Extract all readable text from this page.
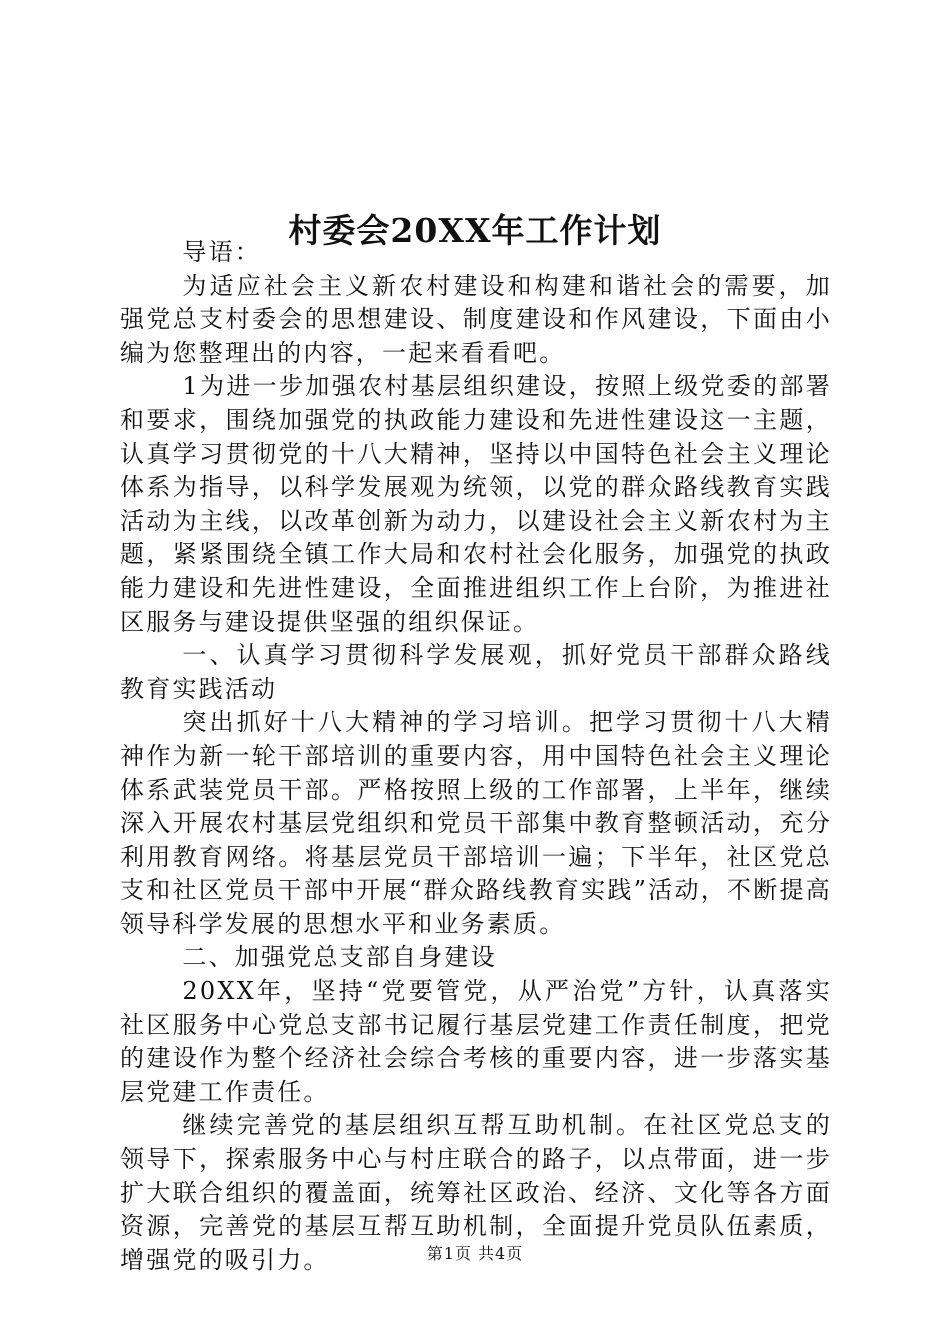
村委会20XX年工作计划

导语：

为适应社会主义新农村建设和构建和谐社会的需要，加强党总支村委会的思想建设、制度建设和作风建设，下面由小编为您整理出的内容，一起来看看吧。

1为进一步加强农村基层组织建设，按照上级党委的部署和要求，围绕加强党的执政能力建设和先进性建设这一主题，认真学习贯彻党的十八大精神，坚持以中国特色社会主义理论体系为指导，以科学发展观为统领，以党的群众路线教育实践活动为主线，以改革创新为动力，以建设社会主义新农村为主题，紧紧围绕全镇工作大局和农村社会化服务，加强党的执政能力建设和先进性建设，全面推进组织工作上台阶，为推进社区服务与建设提供坚强的组织保证。

一、认真学习贯彻科学发展观，抓好党员干部群众路线教育实践活动

突出抓好十八大精神的学习培训。把学习贯彻十八大精神作为新一轮干部培训的重要内容，用中国特色社会主义理论体系武装党员干部。严格按照上级的工作部署，上半年，继续深入开展农村基层党组织和党员干部集中教育整顿活动，充分利用教育网络。将基层党员干部培训一遍；下半年，社区党总支和社区党员干部中开展“群众路线教育实践”活动，不断提高领导科学发展的思想水平和业务素质。

二、加强党总支部自身建设

20XX年，坚持“党要管党，从严治党”方针，认真落实社区服务中心党总支部书记履行基层党建工作责任制度，把党的建设作为整个经济社会综合考核的重要内容，进一步落实基层党建工作责任。

继续完善党的基层组织互帮互助机制。在社区党总支的领导下，探索服务中心与村庄联合的路子，以点带面，进一步扩大联合组织的覆盖面，统筹社区政治、经济、文化等各方面资源，完善党的基层互帮互助机制，全面提升党员队伍素质，增强党的吸引力。	第1页 共4页
